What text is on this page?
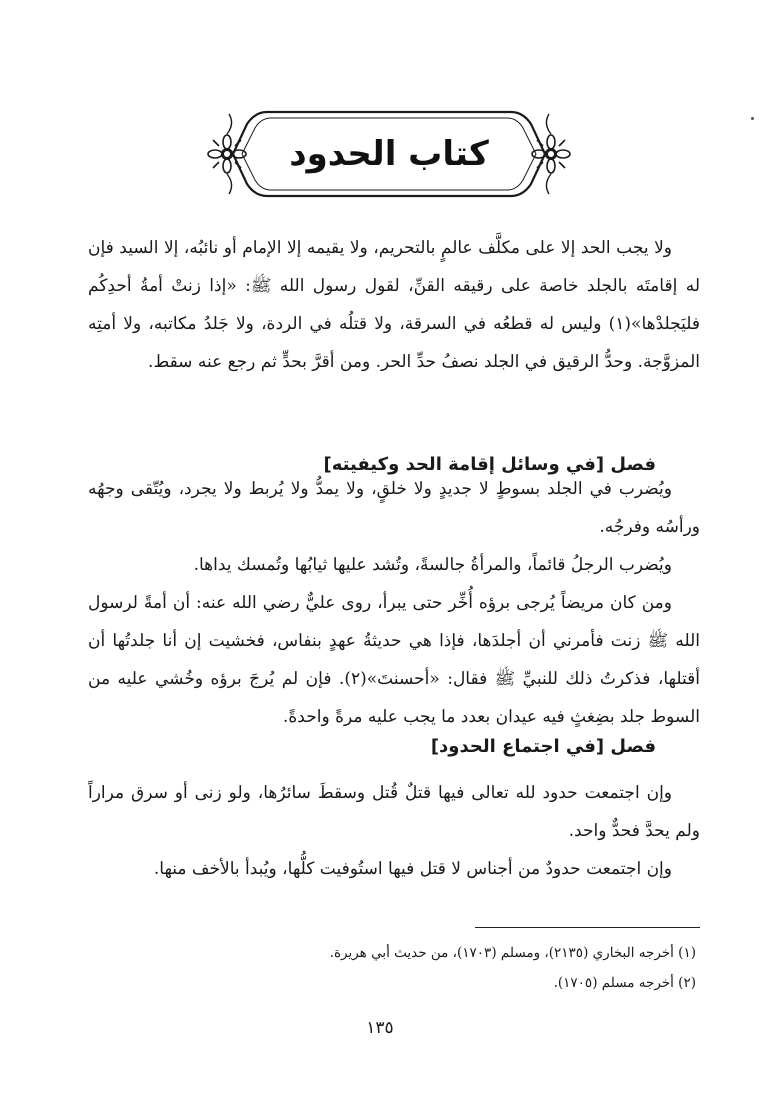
كتاب الحدود

ولا يجب الحد إلا على مكلَّف عالمٍ بالتحريم، ولا يقيمه إلا الإمام أو نائبُه، إلا السيد فإن له إقامتَه بالجلد خاصة على رقيقه القنِّ، لقول رسول الله ﷺ: «إذا زنتْ أمةُ أحدِكُم فليَجلدْها»(١) وليس له قطعُه في السرقة، ولا قتلُه في الردة، ولا جَلدُ مكاتبه، ولا أمتِه المزوَّجة. وحدُّ الرقيق في الجلد نصفُ حدِّ الحر. ومن أقرَّ بحدٍّ ثم رجع عنه سقط.

فصل [في وسائل إقامة الحد وكيفيته]

ويُضرب في الجلد بسوطٍ لا جديدٍ ولا خلقٍ، ولا يمدُّ ولا يُربط ولا يجرد، ويُتّقى وجهُه ورأسُه وفرجُه.

ويُضرب الرجلُ قائماً، والمرأةُ جالسةً، وتُشد عليها ثيابُها وتُمسك يداها.

ومن كان مريضاً يُرجى برؤه أُخِّر حتى يبرأ، روى عليٌّ رضي الله عنه: أن أمةً لرسول الله ﷺ زنت فأمرني أن أجلدَها، فإذا هي حديثةُ عهدٍ بنفاس، فخشيت إن أنا جلدتُها أن أقتلها، فذكرتُ ذلك للنبيِّ ﷺ فقال: «أحسنتَ»(٢). فإن لم يُرجَ برؤه وخُشي عليه من السوط جلد بضِغثٍ فيه عيدان بعدد ما يجب عليه مرةً واحدةً.

فصل [في اجتماع الحدود]

وإن اجتمعت حدود لله تعالى فيها قتلٌ قُتل وسقطَ سائرُها، ولو زنى أو سرق مراراً ولم يحدَّ فحدٌّ واحد.

وإن اجتمعت حدودٌ من أجناس لا قتل فيها استُوفيت كلُّها، ويُبدأ بالأخف منها.

(١) أخرجه البخاري (٢١٣٥)، ومسلم (١٧٠٣)، من حديث أبي هريرة.

(٢) أخرجه مسلم (١٧٠٥).

١٣٥
